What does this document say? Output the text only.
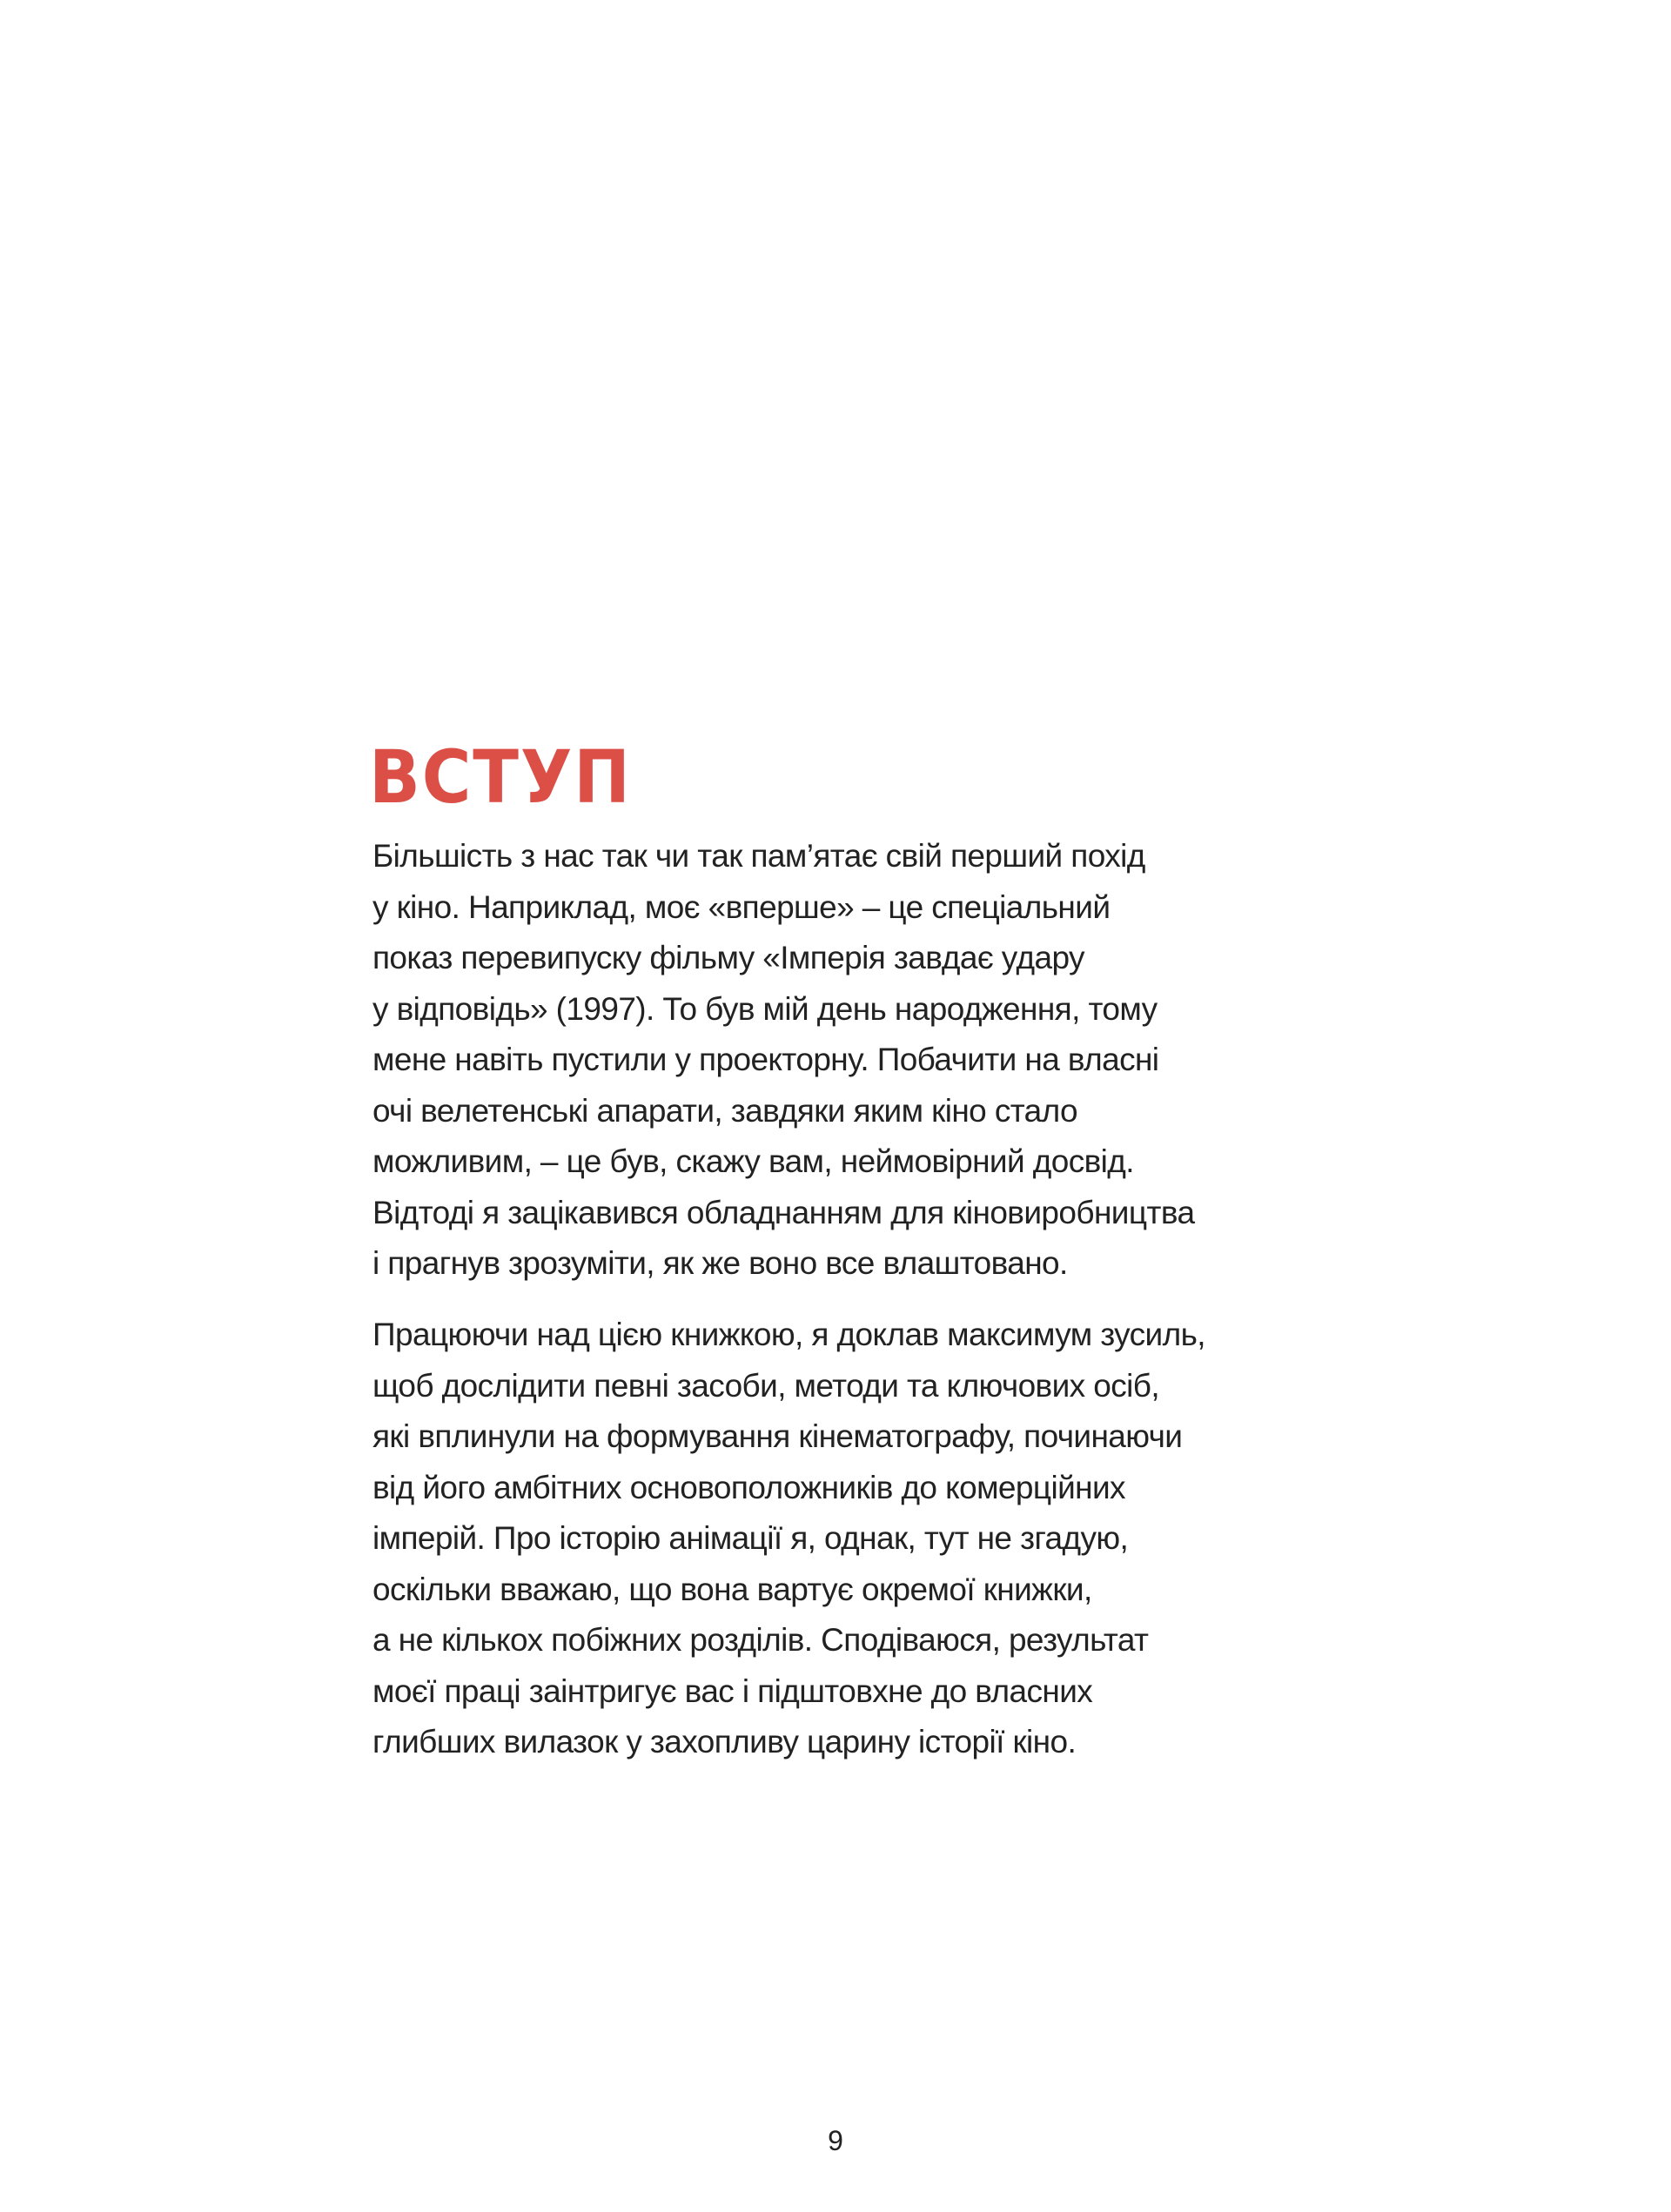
ВСТУП

Більшість з нас так чи так пам’ятає свій перший похід
у кіно. Наприклад, моє «вперше» – це спеціальний
показ перевипуску фільму «Імперія завдає удару
у відповідь» (1997). То був мій день народження, тому
мене навіть пустили у проекторну. Побачити на власні
очі велетенські апарати, завдяки яким кіно стало
можливим, – це був, скажу вам, неймовірний досвід.
Відтоді я зацікавився обладнанням для кіновиробництва
і прагнув зрозуміти, як же воно все влаштовано.

Працюючи над цією книжкою, я доклав максимум зусиль,
щоб дослідити певні засоби, методи та ключових осіб,
які вплинули на формування кінематографу, починаючи
від його амбітних основоположників до комерційних
імперій. Про історію анімації я, однак, тут не згадую,
оскільки вважаю, що вона вартує окремої книжки,
а не кількох побіжних розділів. Сподіваюся, результат
моєї праці заінтригує вас і підштовхне до власних
глибших вилазок у захопливу царину історії кіно.

9
